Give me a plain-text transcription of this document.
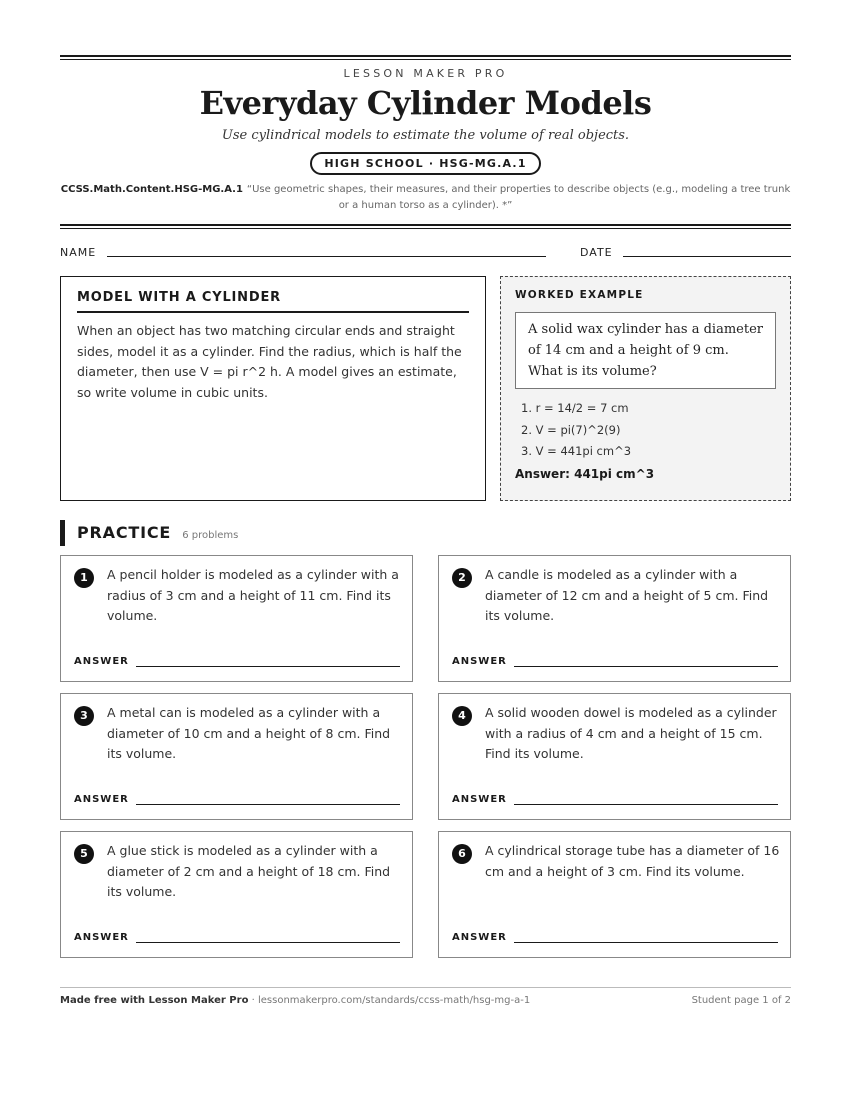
LESSON MAKER PRO
Everyday Cylinder Models
Use cylindrical models to estimate the volume of real objects.
HIGH SCHOOL · HSG-MG.A.1
CCSS.Math.Content.HSG-MG.A.1 “Use geometric shapes, their measures, and their properties to describe objects (e.g., modeling a tree trunk or a human torso as a cylinder). *”
NAME	DATE
MODEL WITH A CYLINDER

When an object has two matching circular ends and straight sides, model it as a cylinder. Find the radius, which is half the diameter, then use V = pi r^2 h. A model gives an estimate, so write volume in cubic units.

WORKED EXAMPLE
A solid wax cylinder has a diameter of 14 cm and a height of 9 cm. What is its volume?
1. r = 14/2 = 7 cm
2. V = pi(7)^2(9)
3. V = 441pi cm^3
Answer: 441pi cm^3
PRACTICE 6 problems
1	A pencil holder is modeled as a cylinder with a radius of 3 cm and a height of 11 cm. Find its volume.
ANSWER
2	A candle is modeled as a cylinder with a diameter of 12 cm and a height of 5 cm. Find its volume.
ANSWER
3	A metal can is modeled as a cylinder with a diameter of 10 cm and a height of 8 cm. Find its volume.
ANSWER
4	A solid wooden dowel is modeled as a cylinder with a radius of 4 cm and a height of 15 cm. Find its volume.
ANSWER
5	A glue stick is modeled as a cylinder with a diameter of 2 cm and a height of 18 cm. Find its volume.
ANSWER
6	A cylindrical storage tube has a diameter of 16 cm and a height of 3 cm. Find its volume.
ANSWER
Made free with Lesson Maker Pro · lessonmakerpro.com/standards/ccss-math/hsg-mg-a-1	Student page 1 of 2
